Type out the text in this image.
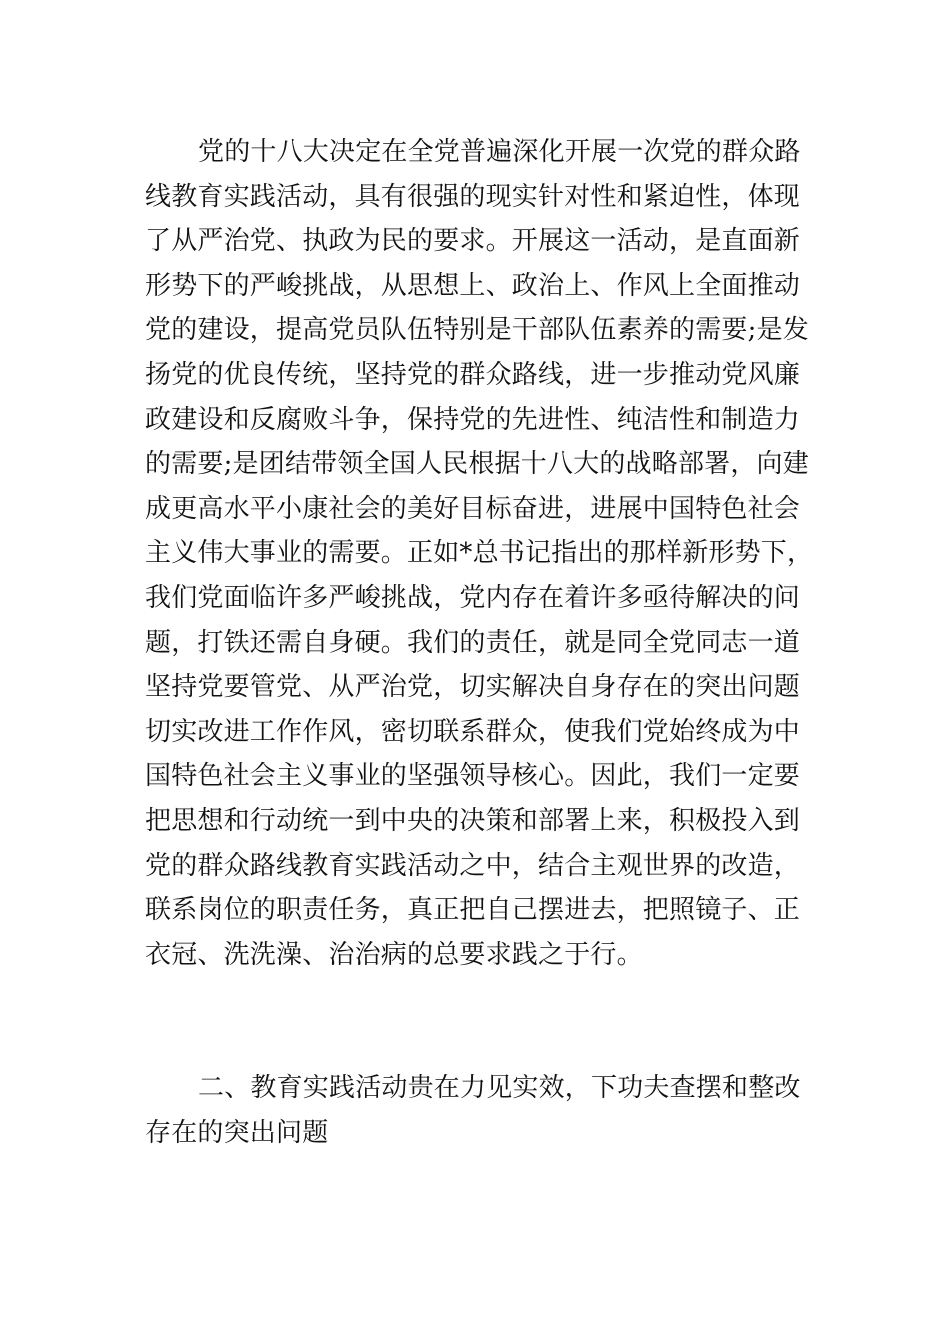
党的十八大决定在全党普遍深化开展一次党的群众路
线教育实践活动，具有很强的现实针对性和紧迫性，体现
了从严治党、执政为民的要求。开展这一活动，是直面新
形势下的严峻挑战，从思想上、政治上、作风上全面推动
党的建设，提高党员队伍特别是干部队伍素养的需要;是发
扬党的优良传统，坚持党的群众路线，进一步推动党风廉
政建设和反腐败斗争，保持党的先进性、纯洁性和制造力
的需要;是团结带领全国人民根据十八大的战略部署，向建
成更高水平小康社会的美好目标奋进，进展中国特色社会
主义伟大事业的需要。正如*总书记指出的那样新形势下，
我们党面临许多严峻挑战，党内存在着许多亟待解决的问
题，打铁还需自身硬。我们的责任，就是同全党同志一道
坚持党要管党、从严治党，切实解决自身存在的突出问题
切实改进工作作风，密切联系群众，使我们党始终成为中
国特色社会主义事业的坚强领导核心。因此，我们一定要
把思想和行动统一到中央的决策和部署上来，积极投入到
党的群众路线教育实践活动之中，结合主观世界的改造，
联系岗位的职责任务，真正把自己摆进去，把照镜子、正
衣冠、洗洗澡、治治病的总要求践之于行。
二、教育实践活动贵在力见实效，下功夫查摆和整改
存在的突出问题
